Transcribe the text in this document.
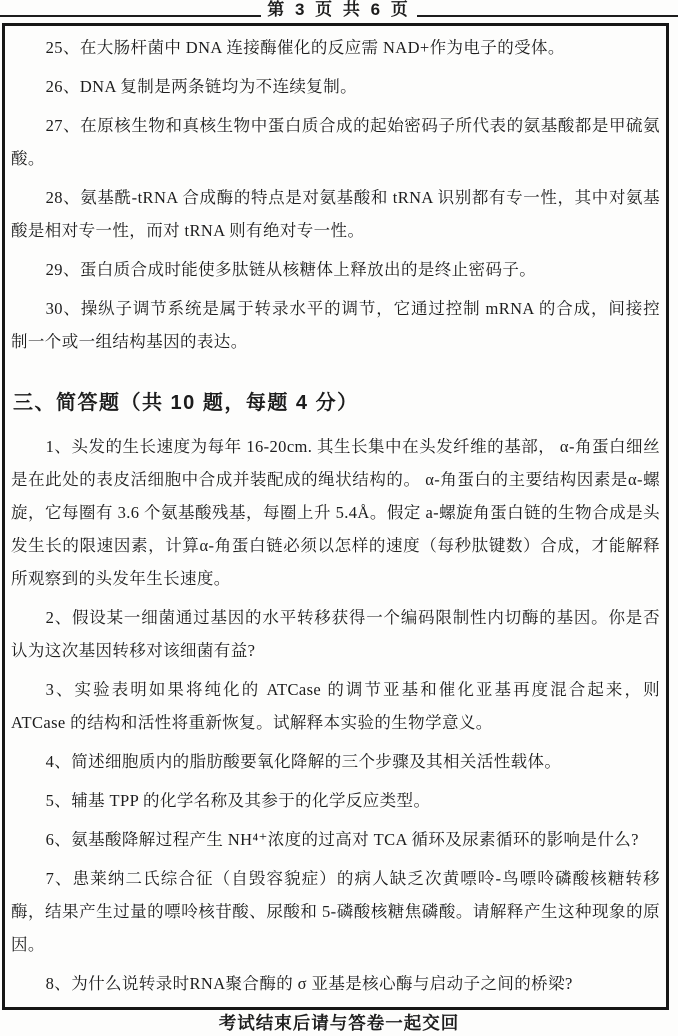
第 3 页 共 6 页

25、在大肠杆菌中 DNA 连接酶催化的反应需 NAD+作为电子的受体。

26、DNA 复制是两条链均为不连续复制。

27、在原核生物和真核生物中蛋白质合成的起始密码子所代表的氨基酸都是甲硫氨酸。

28、氨基酰-tRNA 合成酶的特点是对氨基酸和 tRNA 识别都有专一性，其中对氨基酸是相对专一性，而对 tRNA 则有绝对专一性。

29、蛋白质合成时能使多肽链从核糖体上释放出的是终止密码子。

30、操纵子调节系统是属于转录水平的调节，它通过控制 mRNA 的合成，间接控制一个或一组结构基因的表达。

三、简答题（共 10 题，每题 4 分）

1、头发的生长速度为每年 16-20cm. 其生长集中在头发纤维的基部， α-角蛋白细丝是在此处的表皮活细胞中合成并装配成的绳状结构的。 α-角蛋白的主要结构因素是α-螺旋，它每圈有 3.6 个氨基酸残基，每圈上升 5.4Å。假定 a-螺旋角蛋白链的生物合成是头发生长的限速因素，计算α-角蛋白链必须以怎样的速度（每秒肽键数）合成，才能解释所观察到的头发年生长速度。

2、假设某一细菌通过基因的水平转移获得一个编码限制性内切酶的基因。你是否认为这次基因转移对该细菌有益?

3、实验表明如果将纯化的 ATCase 的调节亚基和催化亚基再度混合起来，则 ATCase 的结构和活性将重新恢复。试解释本实验的生物学意义。

4、简述细胞质内的脂肪酸要氧化降解的三个步骤及其相关活性载体。

5、辅基 TPP 的化学名称及其参于的化学反应类型。

6、氨基酸降解过程产生 NH⁴⁺浓度的过高对 TCA 循环及尿素循环的影响是什么?

7、患莱纳二氏综合征（自毁容貌症）的病人缺乏次黄嘌呤-鸟嘌呤磷酸核糖转移酶，结果产生过量的嘌呤核苷酸、尿酸和 5-磷酸核糖焦磷酸。请解释产生这种现象的原因。

8、为什么说转录时RNA聚合酶的 σ 亚基是核心酶与启动子之间的桥梁?

考试结束后请与答卷一起交回
